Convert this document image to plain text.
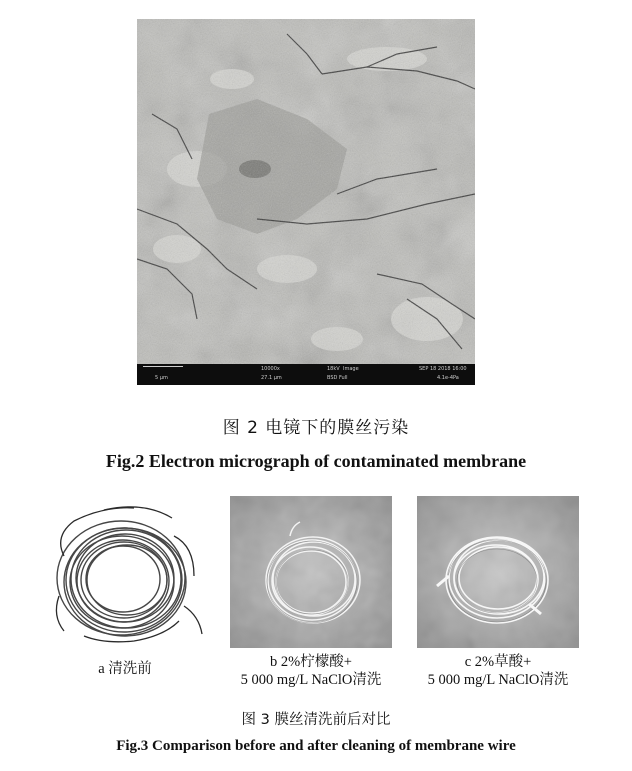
5 μm
10000x
27.1 μm
18kV Image
BSD Full
SEP 18 2018 16:00
4.1e-4Pa
图 2 电镜下的膜丝污染
Fig.2 Electron micrograph of contaminated membrane
a 清洗前	b 2%柠檬酸+
5 000 mg/L NaClO清洗
c 2%草酸+
5 000 mg/L NaClO清洗
图 3 膜丝清洗前后对比
Fig.3 Comparison before and after cleaning of membrane wire
